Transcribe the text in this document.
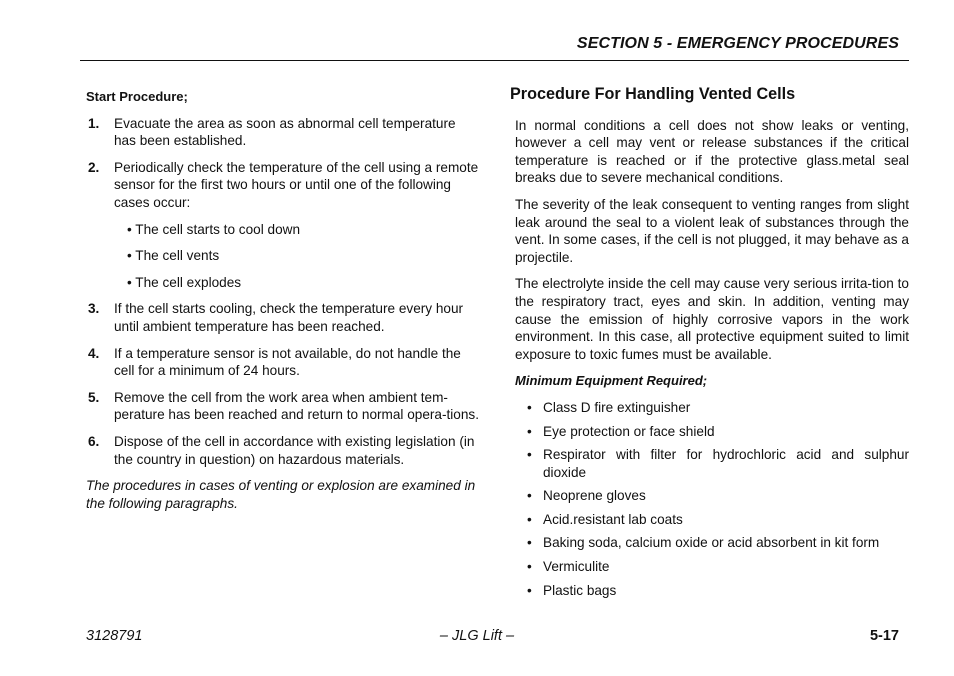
SECTION 5 - EMERGENCY PROCEDURES
Start Procedure;
1. Evacuate the area as soon as abnormal cell temperature has been established.
2. Periodically check the temperature of the cell using a remote sensor for the first two hours or until one of the following cases occur:
• The cell starts to cool down
• The cell vents
• The cell explodes
3. If the cell starts cooling, check the temperature every hour until ambient temperature has been reached.
4. If a temperature sensor is not available, do not handle the cell for a minimum of 24 hours.
5. Remove the cell from the work area when ambient tem-perature has been reached and return to normal opera-tions.
6. Dispose of the cell in accordance with existing legislation (in the country in question) on hazardous materials.
The procedures in cases of venting or explosion are examined in the following paragraphs.
Procedure For Handling Vented Cells
In normal conditions a cell does not show leaks or venting, however a cell may vent or release substances if the critical temperature is reached or if the protective glass.metal seal breaks due to severe mechanical conditions.
The severity of the leak consequent to venting ranges from slight leak around the seal to a violent leak of substances through the vent. In some cases, if the cell is not plugged, it may behave as a projectile.
The electrolyte inside the cell may cause very serious irrita-tion to the respiratory tract, eyes and skin. In addition, venting may cause the emission of highly corrosive vapors in the work environment. In this case, all protective equipment suited to limit exposure to toxic fumes must be available.
Minimum Equipment Required;
• Class D fire extinguisher
• Eye protection or face shield
• Respirator with filter for hydrochloric acid and sulphur dioxide
• Neoprene gloves
• Acid.resistant lab coats
• Baking soda, calcium oxide or acid absorbent in kit form
• Vermiculite
• Plastic bags
3128791	– JLG Lift –	5-17
